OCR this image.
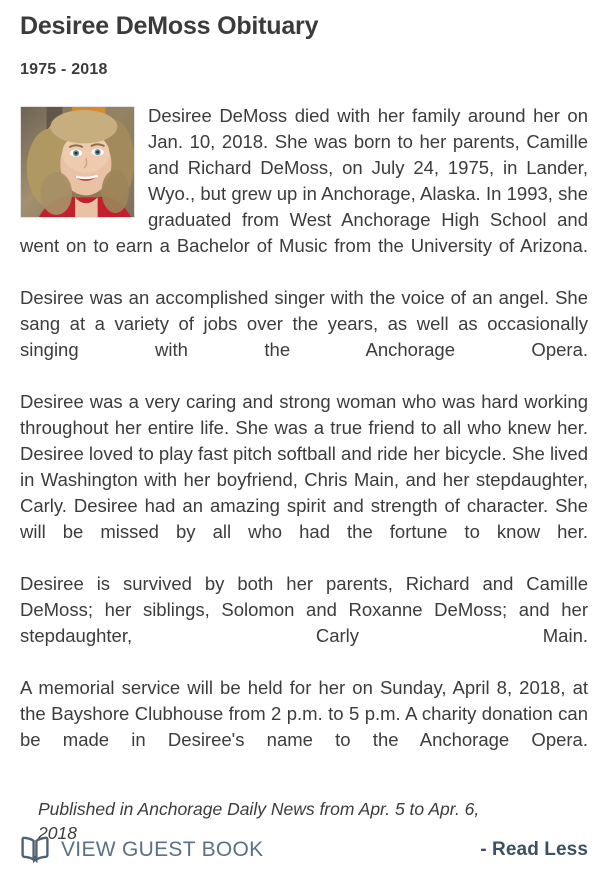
Desiree DeMoss Obituary

1975 - 2018

Desiree DeMoss died with her family around her on Jan. 10, 2018. She was born to her parents, Camille and Richard DeMoss, on July 24, 1975, in Lander, Wyo., but grew up in Anchorage, Alaska. In 1993, she graduated from West Anchorage High School and went on to earn a Bachelor of Music from the University of Arizona.

Desiree was an accomplished singer with the voice of an angel. She sang at a variety of jobs over the years, as well as occasionally singing with the Anchorage Opera.

Desiree was a very caring and strong woman who was hard working throughout her entire life. She was a true friend to all who knew her. Desiree loved to play fast pitch softball and ride her bicycle. She lived in Washington with her boyfriend, Chris Main, and her stepdaughter, Carly. Desiree had an amazing spirit and strength of character. She will be missed by all who had the fortune to know her.

Desiree is survived by both her parents, Richard and Camille DeMoss; her siblings, Solomon and Roxanne DeMoss; and her stepdaughter, Carly Main.

A memorial service will be held for her on Sunday, April 8, 2018, at the Bayshore Clubhouse from 2 p.m. to 5 p.m. A charity donation can be made in Desiree's name to the Anchorage Opera.

Published in Anchorage Daily News from Apr. 5 to Apr. 6, 2018

VIEW GUEST BOOK	- Read Less
